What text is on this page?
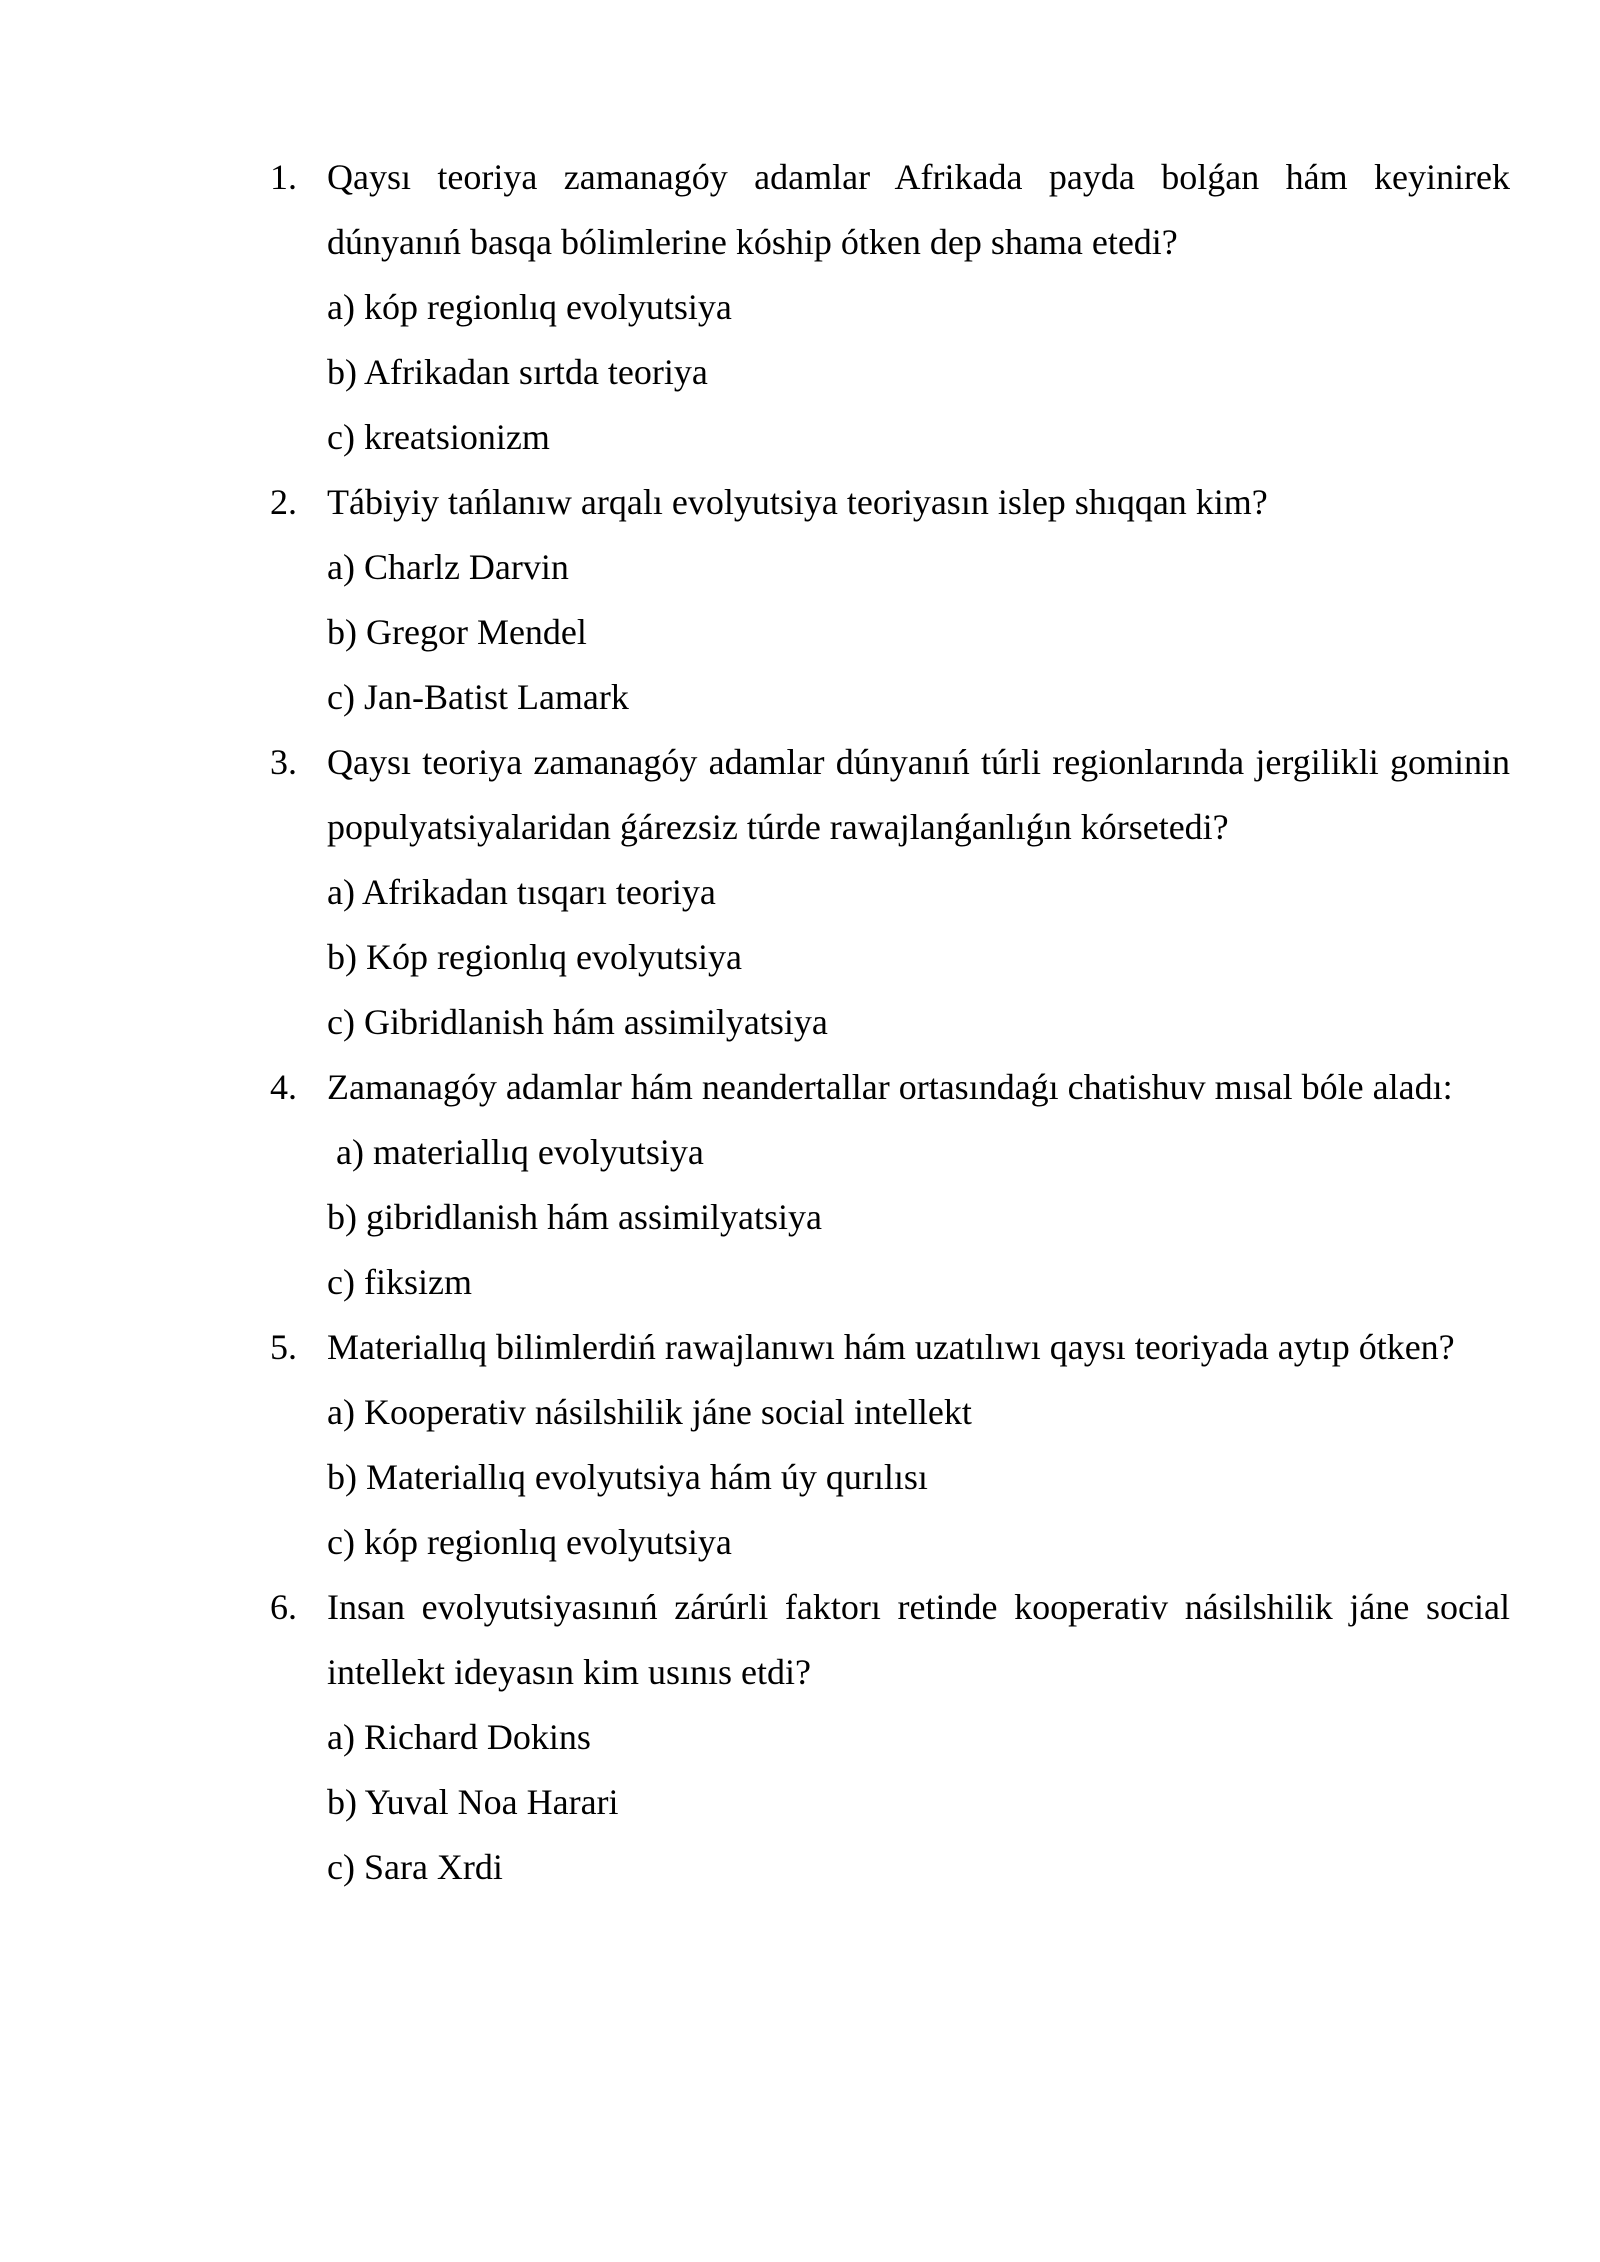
1. Qaysı teoriya zamanagóy adamlar Afrikada payda bolǵan hám keyinirek dúnyanıń basqa bólimlerine kóship ótken dep shama etedi?
a) kóp regionlıq evolyutsiya
b) Afrikadan sırtda teoriya
c) kreatsionizm
2. Tábiyiy tańlanıw arqalı evolyutsiya teoriyasın islep shıqqan kim?
a) Charlz Darvin
b) Gregor Mendel
c) Jan-Batist Lamark
3. Qaysı teoriya zamanagóy adamlar dúnyanıń túrli regionlarında jergilikli gominin populyatsiyalaridan ǵárezsiz túrde rawajlanǵanlıǵın kórsetedi?
a) Afrikadan tısqarı teoriya
b) Kóp regionlıq evolyutsiya
c) Gibridlanish hám assimilyatsiya
4. Zamanagóy adamlar hám neandertallar ortasındaǵı chatishuv mısal bóle aladı:
a) materiallıq evolyutsiya
b) gibridlanish hám assimilyatsiya
c) fiksizm
5. Materiallıq bilimlerdiń rawajlanıwı hám uzatılıwı qaysı teoriyada aytıp ótken?
a) Kooperativ násilshilik jáne social intellekt
b) Materiallıq evolyutsiya hám úy qurılısı
c) kóp regionlıq evolyutsiya
6. Insan evolyutsiyasınıń zárúrli faktorı retinde kooperativ násilshilik jáne social intellekt ideyasın kim usınıs etdi?
a) Richard Dokins
b) Yuval Noa Harari
c) Sara Xrdi
